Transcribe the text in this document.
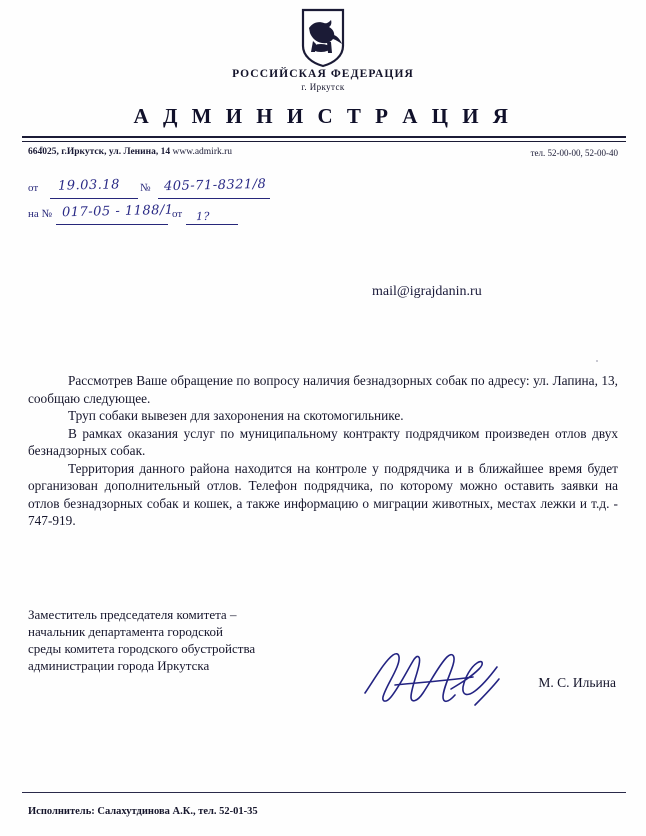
РОССИЙСКАЯ ФЕДЕРАЦИЯ
г. Иркутск
А Д М И Н И С Т Р А Ц И Я
664025, г.Иркутск, ул. Ленина, 14 www.admirk.ru	тел. 52-00-00, 52-00-40
от 19.03.18 № 405-71-8321/8
на № 017-05 - 1188/1
от 1?
mail@igrajdanin.ru

Рассмотрев Ваше обращение по вопросу наличия безнадзорных собак по адресу: ул. Лапина, 13, сообщаю следующее.

Труп собаки вывезен для захоронения на скотомогильнике.

В рамках оказания услуг по муниципальному контракту подрядчиком произведен отлов двух безнадзорных собак.

Территория данного района находится на контроле у подрядчика и в ближайшее время будет организован дополнительный отлов. Телефон подрядчика, по которому можно оставить заявки на отлов безнадзорных собак и кошек, а также информацию о миграции животных, местах лежки и т.д. - 747-919.

Заместитель председателя комитета –
начальник департамента городской
среды комитета городского обустройства
администрации города Иркутска
М. С. Ильина
Исполнитель: Салахутдинова А.К., тел. 52-01-35
